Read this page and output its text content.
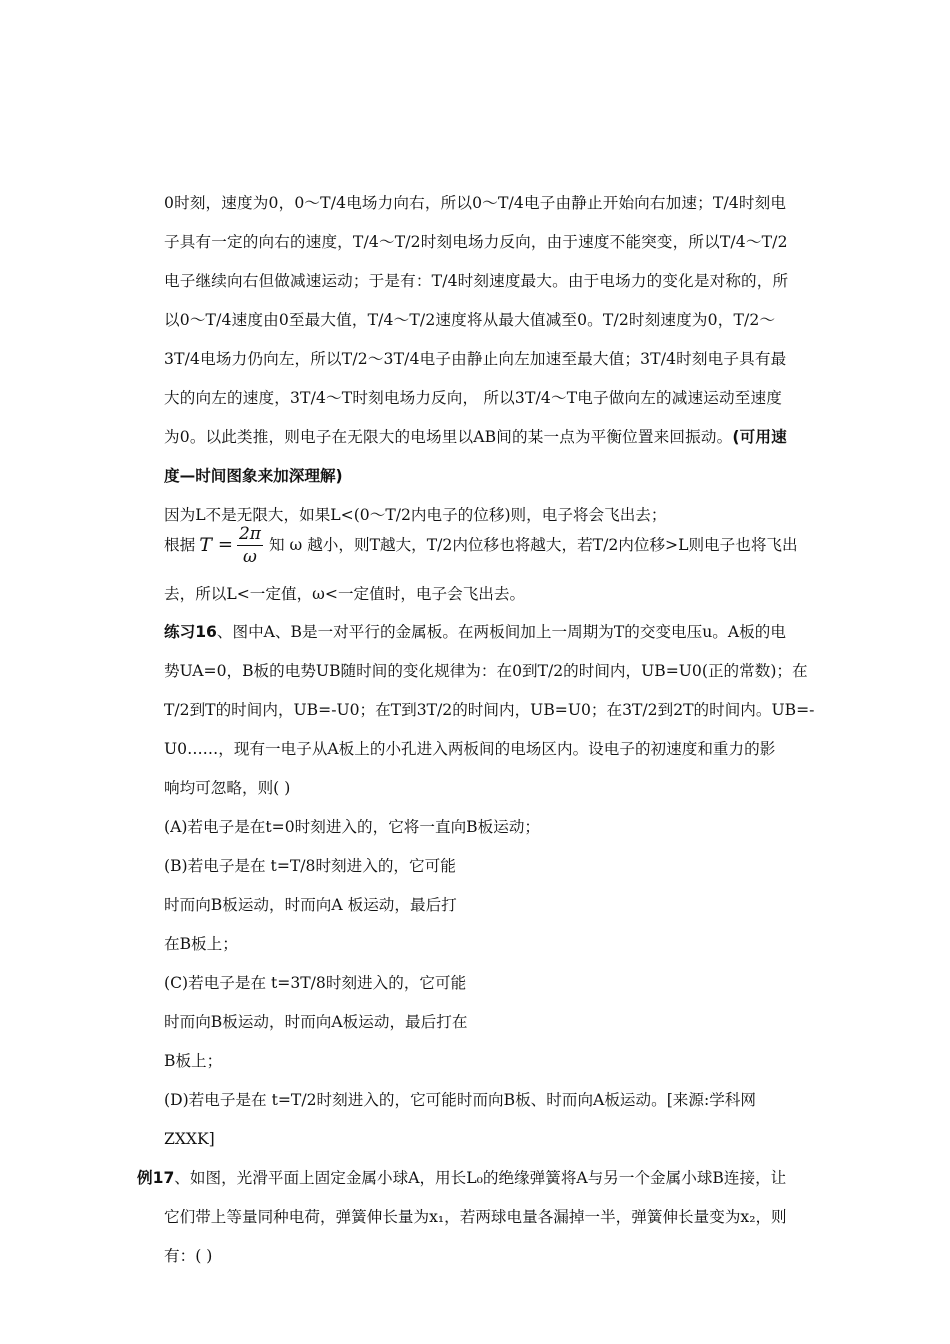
0时刻，速度为0，0～T/4电场力向右，所以0～T/4电子由静止开始向右加速；T/4时刻电
子具有一定的向右的速度，T/4～T/2时刻电场力反向，由于速度不能突变，所以T/4～T/2
电子继续向右但做减速运动；于是有：T/4时刻速度最大。由于电场力的变化是对称的，所
以0～T/4速度由0至最大值，T/4～T/2速度将从最大值减至0。T/2时刻速度为0，T/2～
3T/4电场力仍向左，所以T/2～3T/4电子由静止向左加速至最大值；3T/4时刻电子具有最
大的向左的速度，3T/4～T时刻电场力反向， 所以3T/4～T电子做向左的减速运动至速度
为0。以此类推，则电子在无限大的电场里以AB间的某一点为平衡位置来回振动。(可用速
度—时间图象来加深理解)
因为L不是无限大，如果L<(0～T/2内电子的位移)则，电子将会飞出去；
根据 $T = \frac{2\pi}{\omega}$ 知 ω 越小，则T越大，T/2内位移也将越大，若T/2内位移>L则电子也将飞出
去，所以L<一定值，ω<一定值时，电子会飞出去。
练习16、图中A、B是一对平行的金属板。在两板间加上一周期为T的交变电压u。A板的电
势UA=0，B板的电势UB随时间的变化规律为：在0到T/2的时间内，UB=U0(正的常数)；在
T/2到T的时间内，UB=-U0；在T到3T/2的时间内，UB=U0；在3T/2到2T的时间内。UB=-
U0……，现有一电子从A板上的小孔进入两板间的电场区内。设电子的初速度和重力的影
响均可忽略，则( )
(A)若电子是在t=0时刻进入的，它将一直向B板运动；
(B)若电子是在 t=T/8时刻进入的，它可能
时而向B板运动，时而向A 板运动，最后打
在B板上；
(C)若电子是在 t=3T/8时刻进入的，它可能
时而向B板运动，时而向A板运动，最后打在
B板上；
(D)若电子是在 t=T/2时刻进入的，它可能时而向B板、时而向A板运动。[来源:学科网
ZXXK]
例17、如图，光滑平面上固定金属小球A，用长L₀的绝缘弹簧将A与另一个金属小球B连接，让
它们带上等量同种电荷，弹簧伸长量为x₁，若两球电量各漏掉一半，弹簧伸长量变为x₂，则
有：( )
